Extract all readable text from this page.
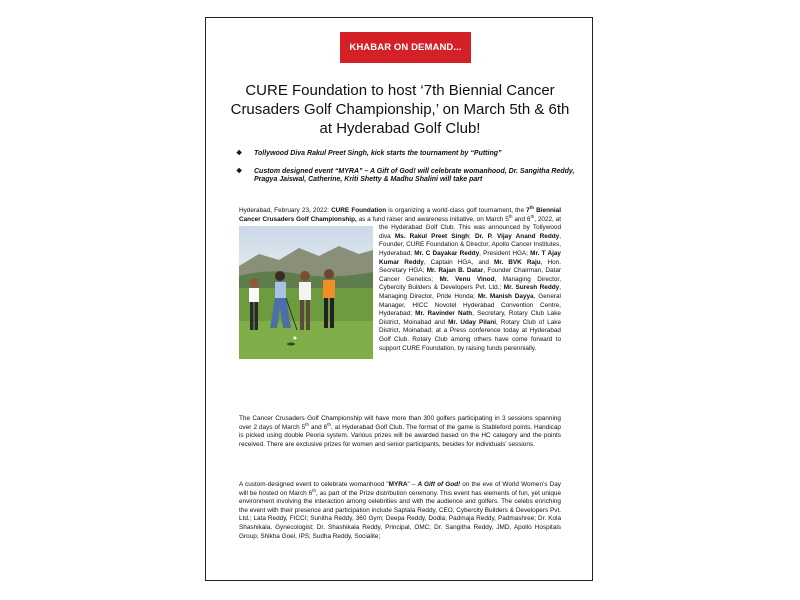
KHABAR ON DEMAND...
CURE Foundation to host ‘7th Biennial Cancer Crusaders Golf Championship,’ on March 5th & 6th at Hyderabad Golf Club!
❖ Tollywood Diva Rakul Preet Singh, kick starts the tournament by “Putting”
❖ Custom designed event “MYRA” – A Gift of God! will celebrate womanhood, Dr. Sangitha Reddy, Pragya Jaiswal, Catherine, Kriti Shetty & Madhu Shalini will take part
Hyderabad, February 23, 2022: CURE Foundation is organizing a world-class golf tournament, the 7th Biennial Cancer Crusaders Golf Championship, as a fund raiser and awareness initiative, on March 5th and 6th
, 2022, at the Hyderabad Golf Club. This was announced by Tollywood diva Ms. Rakul Preet Singh; Dr. P. Vijay Anand Reddy, Founder, CURE Foundation & Director, Apollo Cancer Institutes, Hyderabad; Mr. C Dayakar Reddy, President HGA; Mr. T Ajay Kumar Reddy, Captain HGA, and Mr. BVK Raju, Hon. Secretary HGA; Mr. Rajan B. Datar, Founder Chairman, Datar Cancer Genetics; Mr. Venu Vinod, Managing Director, Cybercity Builders & Developers Pvt. Ltd.; Mr. Suresh Reddy, Managing Director, Pride Honda; Mr. Manish Dayya, General Manager, HICC Novotel Hyderabad Convention Centre, Hyderabad; Mr. Ravinder Nath, Secretary, Rotary Club Lake District, Moinabad and Mr. Uday Pilani, Rotary Club of Lake District, Moinabad; at a Press conference today at Hyderabad Golf Club. Rotary Club among others have come forward to support CURE Foundation, by raising funds perennially.
The Cancer Crusaders Golf Championship will have more than 300 golfers participating in 3 sessions spanning over 2 days of March 5th and 6th, at Hyderabad Golf Club. The format of the game is Stableford points, Handicap is picked using double Peoria system. Various prizes will be awarded based on the HC category and the points received. There are exclusive prizes for women and senior participants, besides for individuals’ sessions.
A custom-designed event to celebrate womanhood "MYRA" – A Gift of God! on the eve of World Women’s Day will be hosted on March 6th, as part of the Prize distribution ceremony. This event has elements of fun, yet unique environment involving the interaction among celebrities and with the audience and golfers. The celebs enriching the event with their presence and participation include Saptala Reddy, CEO, Cybercity Builders & Developers Pvt. Ltd.; Lata Reddy, FICCI; Sunitha Reddy, 360 Gym; Deepa Reddy, Dodla; Padmaja Reddy, Padmashree; Dr. Kola Shashikala, Gynecologist; Dr. Shashikala Reddy, Principal, OMC; Dr. Sangitha Reddy, JMD, Apollo Hospitals Group; Shikha Goel, IPS; Sudha Reddy, Socialite;
